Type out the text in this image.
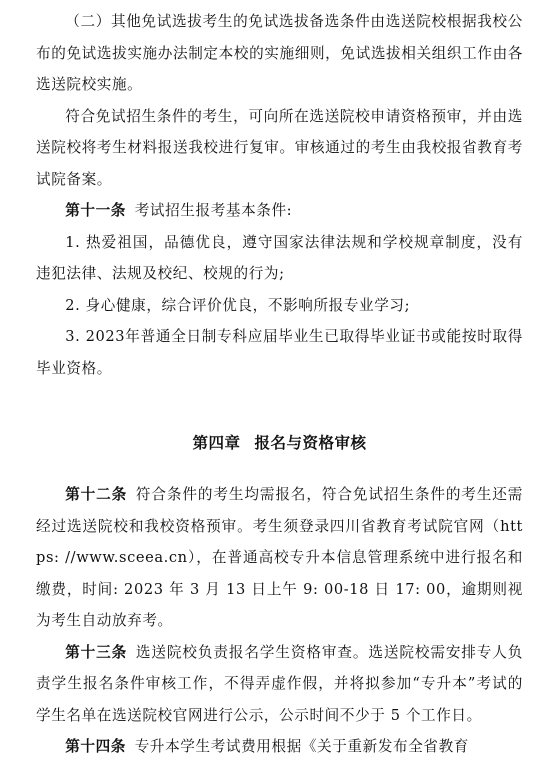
（二）其他免试选拔考生的免试选拔备选条件由选送院校根据我校公布的免试选拔实施办法制定本校的实施细则，免试选拔相关组织工作由各选送院校实施。

符合免试招生条件的考生，可向所在选送院校申请资格预审，并由选送院校将考生材料报送我校进行复审。审核通过的考生由我校报省教育考试院备案。

第十一条 考试招生报考基本条件:

1. 热爱祖国，品德优良，遵守国家法律法规和学校规章制度，没有违犯法律、法规及校纪、校规的行为;

2. 身心健康，综合评价优良，不影响所报专业学习;

3. 2023年普通全日制专科应届毕业生已取得毕业证书或能按时取得毕业资格。

第四章 报名与资格审核

第十二条 符合条件的考生均需报名，符合免试招生条件的考生还需经过选送院校和我校资格预审。考生须登录四川省教育考试院官网（https: //www.sceea.cn），在普通高校专升本信息管理系统中进行报名和缴费，时间: 2023 年 3 月 13 日上午 9: 00-18 日 17: 00，逾期则视为考生自动放弃考。

第十三条 选送院校负责报名学生资格审查。选送院校需安排专人负责学生报名条件审核工作，不得弄虚作假，并将拟参加“专升本”考试的学生名单在选送院校官网进行公示，公示时间不少于 5 个工作日。

第十四条 专升本学生考试费用根据《关于重新发布全省教育
